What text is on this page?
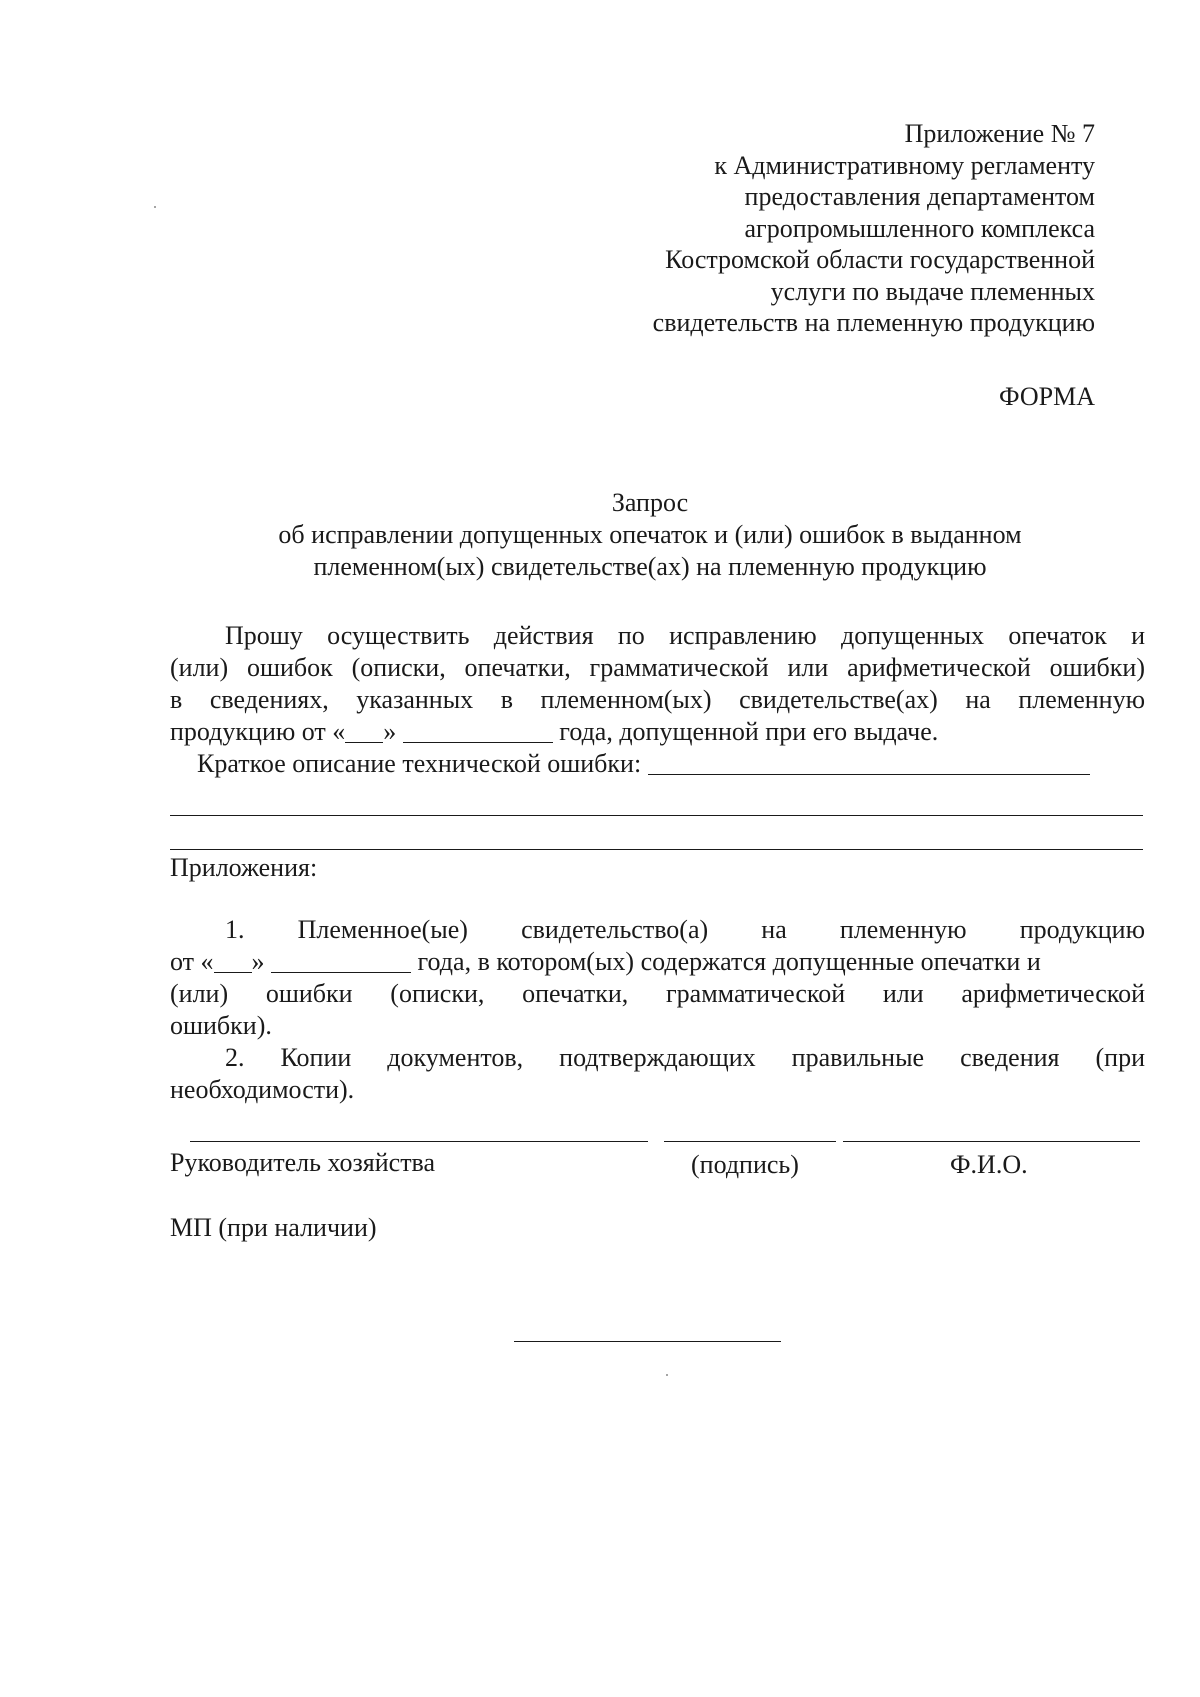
Приложение № 7
к Административному регламенту
предоставления департаментом
агропромышленного комплекса
Костромской области государственной
услуги по выдаче племенных
свидетельств на племенную продукцию
ФОРМА
Запрос
об исправлении допущенных опечаток и (или) ошибок в выданном
племенном(ых) свидетельстве(ах) на племенную продукцию
Прошу осуществить действия по исправлению допущенных опечаток и
(или) ошибок (описки, опечатки, грамматической или арифметической ошибки)
в сведениях, указанных в племенном(ых) свидетельстве(ах) на племенную
продукцию от « »	года, допущенной при его выдаче.
Краткое описание технической ошибки:
Приложения:
1. Племенное(ые) свидетельство(а) на племенную продукцию
от « »	года, в котором(ых) содержатся допущенные опечатки и
(или) ошибки (описки, опечатки, грамматической или арифметической
ошибки).
2. Копии документов, подтверждающих правильные сведения (при
необходимости).
Руководитель хозяйства	(подпись)	Ф.И.О.
МП (при наличии)
